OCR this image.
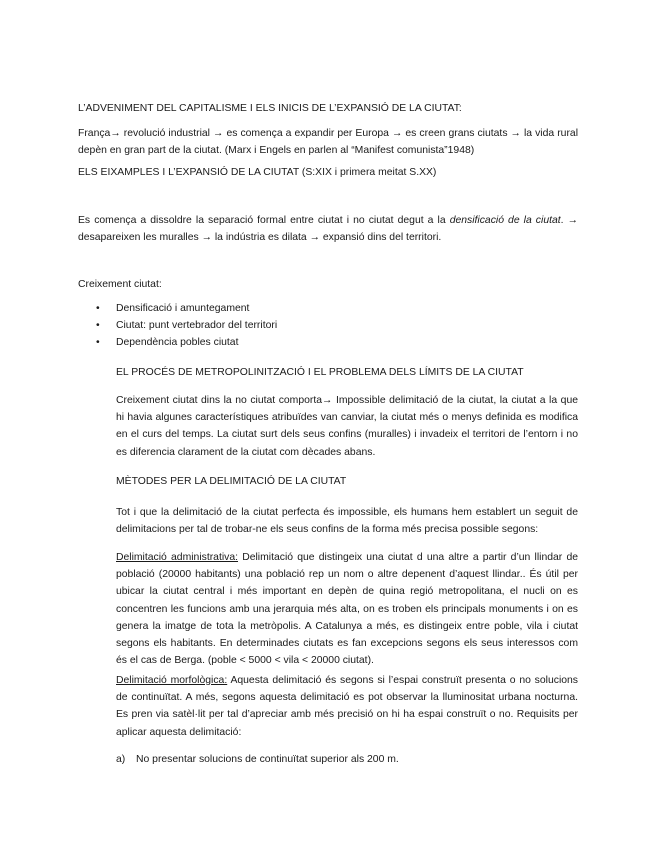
L’ADVENIMENT DEL CAPITALISME I ELS INICIS DE L’EXPANSIÓ DE LA CIUTAT:

França→ revolució industrial → es comença a expandir per Europa → es creen grans ciutats → la vida rural depèn en gran part de la ciutat. (Marx i Engels en parlen al “Manifest comunista”1948)

ELS EIXAMPLES I L’EXPANSIÓ DE LA CIUTAT (S:XIX i primera meitat S.XX)

Es comença a dissoldre la separació formal entre ciutat i no ciutat degut a la densificació de la ciutat. → desapareixen les muralles → la indústria es dilata → expansió dins del territori.

Creixement ciutat:

• Densificació i amuntegament
• Ciutat: punt vertebrador del territori
• Dependència pobles ciutat

EL PROCÉS DE METROPOLINITZACIÓ I EL PROBLEMA DELS LÍMITS DE LA CIUTAT

Creixement ciutat dins la no ciutat comporta→ Impossible delimitació de la ciutat, la ciutat a la que hi havia algunes característiques atribuïdes van canviar, la ciutat més o menys definida es modifica en el curs del temps. La ciutat surt dels seus confins (muralles) i invadeix el territori de l’entorn i no es diferencia clarament de la ciutat com dècades abans.

MÈTODES PER LA DELIMITACIÓ DE LA CIUTAT

Tot i que la delimitació de la ciutat perfecta és impossible, els humans hem establert un seguit de delimitacions per tal de trobar-ne els seus confins de la forma més precisa possible segons:

Delimitació administrativa: Delimitació que distingeix una ciutat d una altre a partir d’un llindar de població (20000 habitants) una població rep un nom o altre depenent d’aquest llindar.. És útil per ubicar la ciutat central i més important en depèn de quina regió metropolitana, el nucli on es concentren les funcions amb una jerarquia més alta, on es troben els principals monuments i on es genera la imatge de tota la metròpolis. A Catalunya a més, es distingeix entre poble, vila i ciutat segons els habitants. En determinades ciutats es fan excepcions segons els seus interessos com és el cas de Berga. (poble < 5000 < vila < 20000 ciutat).

Delimitació morfològica: Aquesta delimitació és segons si l’espai construït presenta o no solucions de continuïtat. A més, segons aquesta delimitació es pot observar la lluminositat urbana nocturna. Es pren via satèl·lit per tal d’apreciar amb més precisió on hi ha espai construït o no. Requisits per aplicar aquesta delimitació:

a) No presentar solucions de continuïtat superior als 200 m.
